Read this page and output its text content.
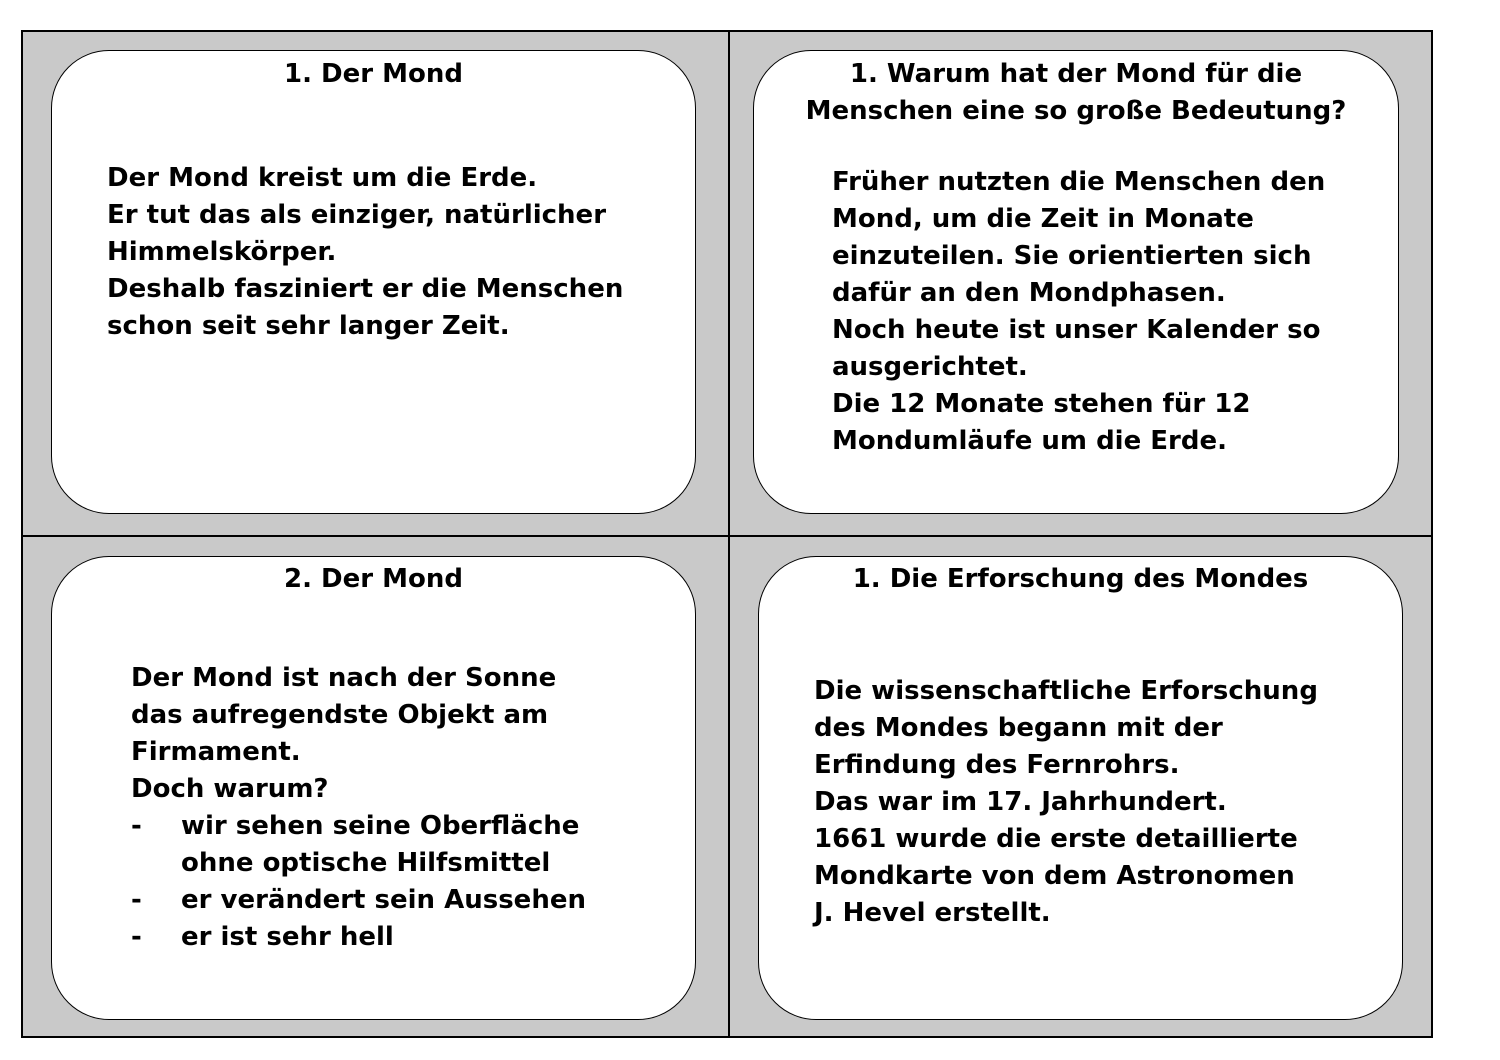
1. Der Mond
Der Mond kreist um die Erde.
Er tut das als einziger, natürlicher
Himmelskörper.
Deshalb fasziniert er die Menschen
schon seit sehr langer Zeit.
1. Warum hat der Mond für die
Menschen eine so große Bedeutung?
Früher nutzten die Menschen den
Mond, um die Zeit in Monate
einzuteilen. Sie orientierten sich
dafür an den Mondphasen.
Noch heute ist unser Kalender so
ausgerichtet.
Die 12 Monate stehen für 12
Mondumläufe um die Erde.
2. Der Mond
Der Mond ist nach der Sonne
das aufregendste Objekt am
Firmament.
Doch warum?
-	wir sehen seine Oberfläche
ohne optische Hilfsmittel
-	er verändert sein Aussehen
-	er ist sehr hell
1. Die Erforschung des Mondes
Die wissenschaftliche Erforschung
des Mondes begann mit der
Erfindung des Fernrohrs.
Das war im 17. Jahrhundert.
1661 wurde die erste detaillierte
Mondkarte von dem Astronomen
J. Hevel erstellt.
